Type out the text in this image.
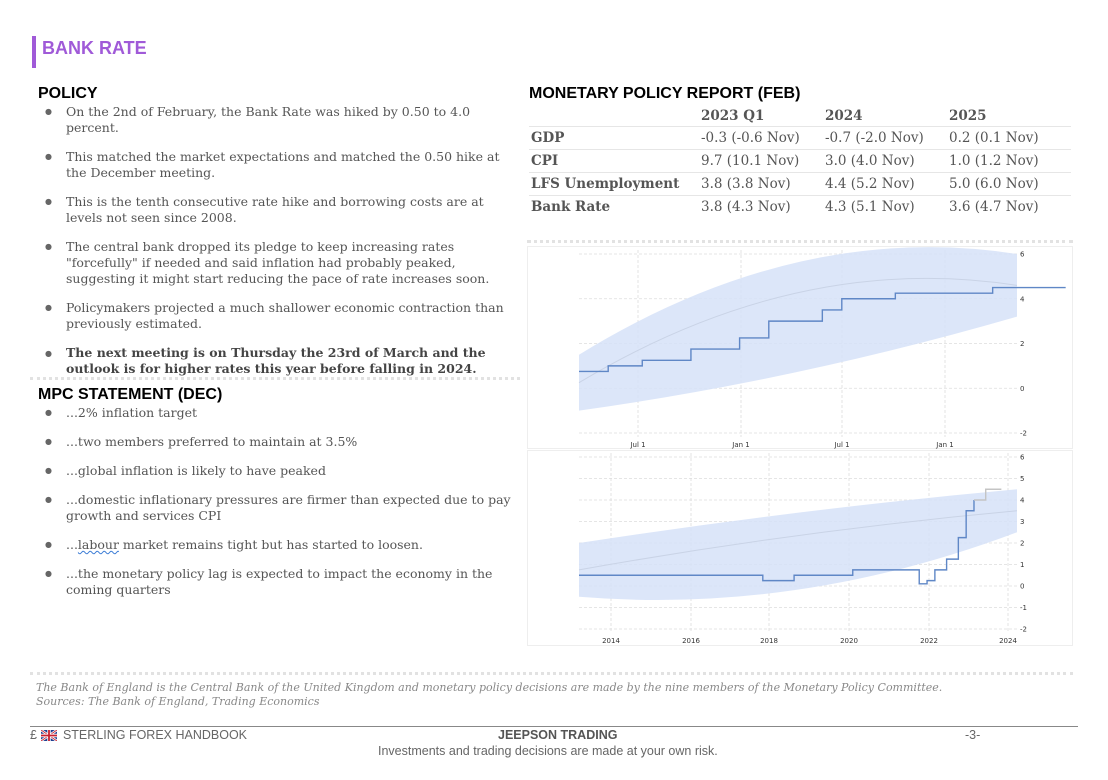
BANK RATE
POLICY
● On the 2nd of February, the Bank Rate was hiked by 0.50 to 4.0 percent.
● This matched the market expectations and matched the 0.50 hike at the December meeting.
● This is the tenth consecutive rate hike and borrowing costs are at levels not seen since 2008.
● The central bank dropped its pledge to keep increasing rates "forcefully" if needed and said inflation had probably peaked, suggesting it might start reducing the pace of rate increases soon.
● Policymakers projected a much shallower economic contraction than previously estimated.
● The next meeting is on Thursday the 23rd of March and the outlook is for higher rates this year before falling in 2024.
MPC STATEMENT (DEC)
● ...2% inflation target
● ...two members preferred to maintain at 3.5%
● ...global inflation is likely to have peaked
● ...domestic inflationary pressures are firmer than expected due to pay growth and services CPI
● ...labour market remains tight but has started to loosen.
● ...the monetary policy lag is expected to impact the economy in the coming quarters
MONETARY POLICY REPORT (FEB)
	2023 Q1	2024	2025
GDP	-0.3 (-0.6 Nov)	-0.7 (-2.0 Nov)	0.2 (0.1 Nov)
CPI	9.7 (10.1 Nov)	3.0 (4.0 Nov)	1.0 (1.2 Nov)
LFS Unemployment	3.8 (3.8 Nov)	4.4 (5.2 Nov)	5.0 (6.0 Nov)
Bank Rate	3.8 (4.3 Nov)	4.3 (5.1 Nov)	3.6 (4.7 Nov)
6
4
2
0
-2
Jul 1	Jan 1	Jul 1	Jan 1
6
5
4
3
2
1
0
-1
-2
2014	2016	2018	2020	2022	2024
The Bank of England is the Central Bank of the United Kingdom and monetary policy decisions are made by the nine members of the Monetary Policy Committee.
Sources: The Bank of England, Trading Economics
£ STERLING FOREX HANDBOOK	JEEPSON TRADING	-3-
Investments and trading decisions are made at your own risk.
